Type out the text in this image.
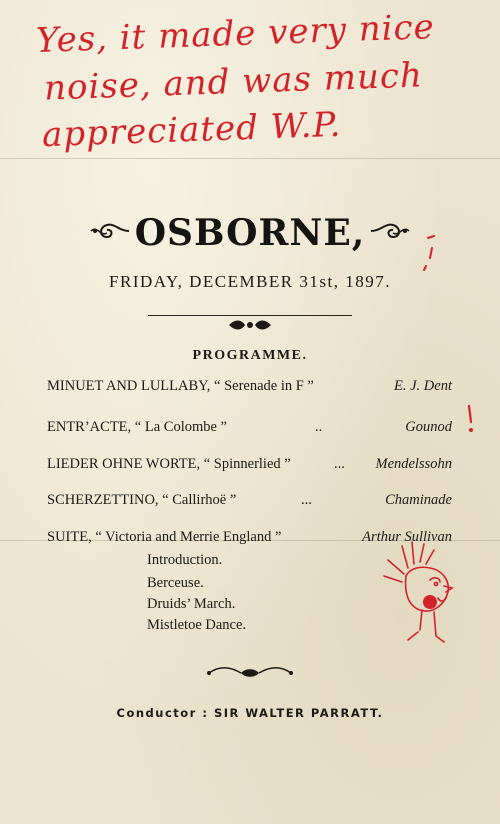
Yes, it made very nice
noise, and was much
appreciated W.P.
OSBORNE,
FRIDAY, DECEMBER 31st, 1897.
PROGRAMME.
MINUET AND LULLABY, “ Serenade in F ”	E. J. Dent
ENTR’ACTE, “ La Colombe ”	..	Gounod
LIEDER OHNE WORTE, “ Spinnerlied ”	... Mendelssohn
SCHERZETTINO, “ Callirhoë ”	...	Chaminade
SUITE, “ Victoria and Merrie England ”	Arthur Sullivan
Introduction.
Berceuse.
Druids’ March.
Mistletoe Dance.
Conductor : SIR WALTER PARRATT.
